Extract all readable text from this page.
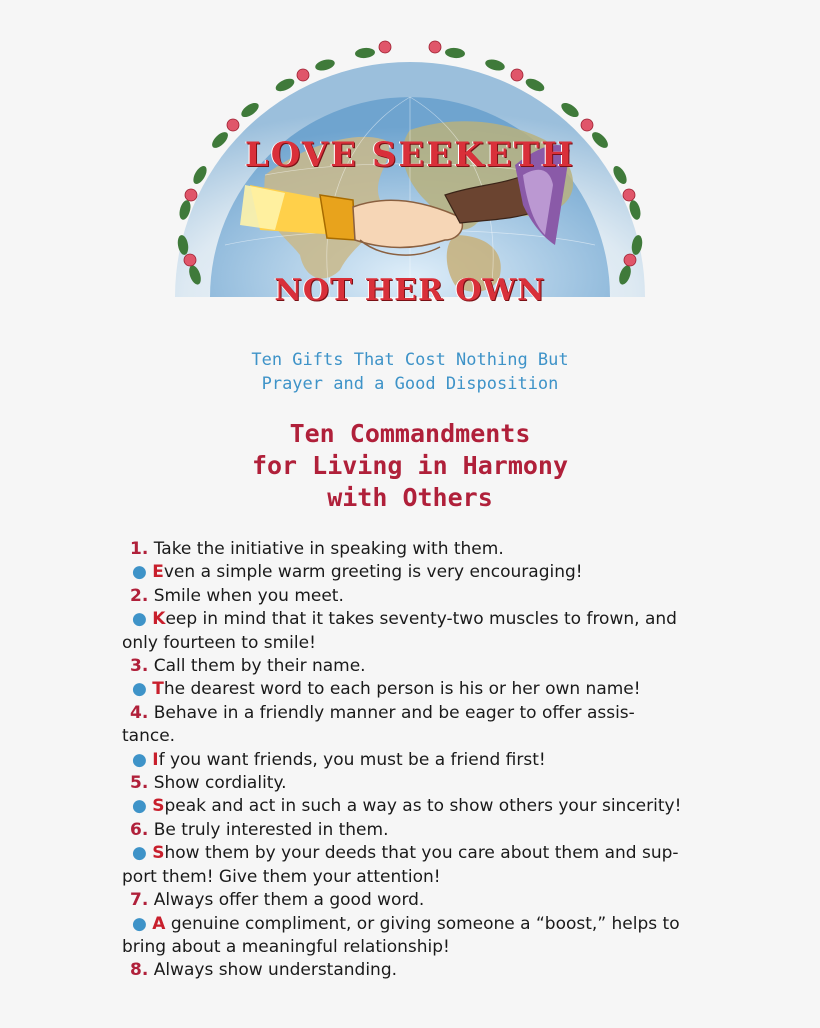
LOVE SEEKETH
NOT HER OWN
Ten Gifts That Cost Nothing But
Prayer and a Good Disposition
Ten Commandments
for Living in Harmony
with Others
1. Take the initiative in speaking with them.
● Even a simple warm greeting is very encouraging!
2. Smile when you meet.
● Keep in mind that it takes seventy-two muscles to frown, and
only fourteen to smile!
3. Call them by their name.
● The dearest word to each person is his or her own name!
4. Behave in a friendly manner and be eager to offer assis-
tance.
● If you want friends, you must be a friend first!
5. Show cordiality.
● Speak and act in such a way as to show others your sincerity!
6. Be truly interested in them.
● Show them by your deeds that you care about them and sup-
port them! Give them your attention!
7. Always offer them a good word.
● A genuine compliment, or giving someone a “boost,” helps to
bring about a meaningful relationship!
8. Always show understanding.
